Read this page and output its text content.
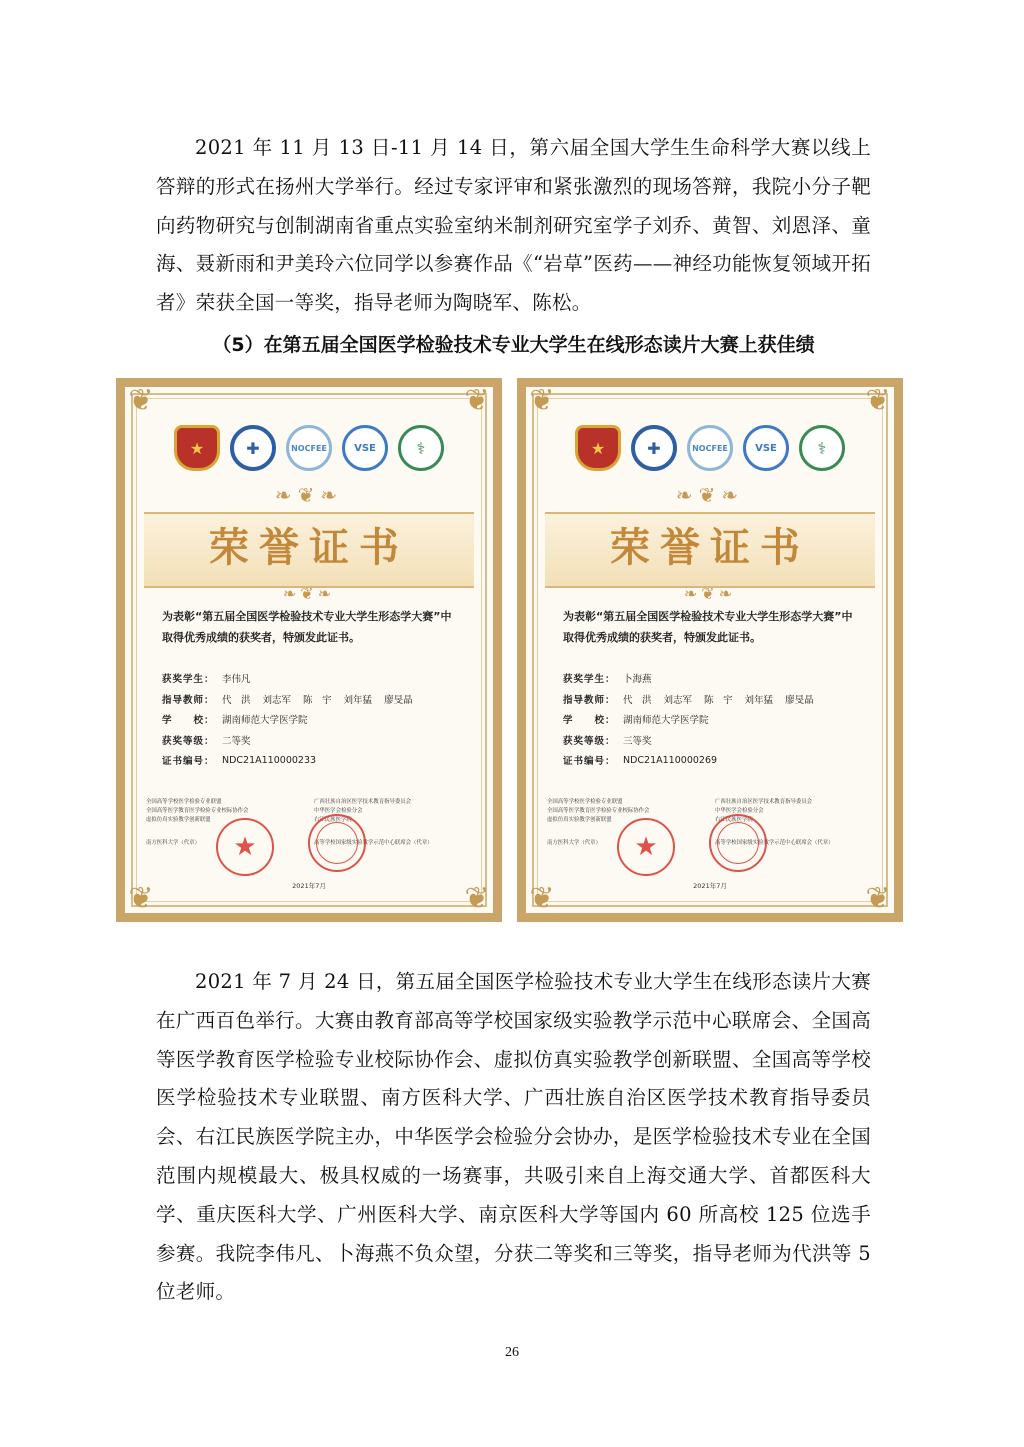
2021 年 11 月 13 日-11 月 14 日，第六届全国大学生生命科学大赛以线上答辩的形式在扬州大学举行。经过专家评审和紧张激烈的现场答辩，我院小分子靶向药物研究与创制湖南省重点实验室纳米制剂研究室学子刘乔、黄智、刘恩泽、童海、聂新雨和尹美玲六位同学以参赛作品《“岩草”医药——神经功能恢复领域开拓者》荣获全国一等奖，指导老师为陶晓军、陈松。

（5）在第五届全国医学检验技术专业大学生在线形态读片大赛上获佳绩

❦	❦
❦	❦
★	✚	NOCFEE	VSE	⚕
❧❦❧
荣誉证书
❧❦❧

为表彰“第五届全国医学检验技术专业大学生形态学大赛”中取得优秀成绩的获奖者，特颁发此证书。

获奖学生： 李伟凡
指导教师： 代　洪 刘志军 陈　宇 刘年猛 廖旻晶
学　　校： 湖南师范大学医学院
获奖等级： 二等奖
证书编号： NDC21A110000233
全国高等学校医学检验专业联盟
全国高等医学教育医学检验专业校际协作会
虚拟仿真实验教学创新联盟
南方医科大学（代章）
广西壮族自治区医学技术教育指导委员会
中华医学会检验分会
右江民族医学院
高等学校国家级实验教学示范中心联席会（代章）
★
2021年7月
❦	❦
❦	❦
★	✚	NOCFEE	VSE	⚕
❧❦❧
荣誉证书
❧❦❧

为表彰“第五届全国医学检验技术专业大学生形态学大赛”中取得优秀成绩的获奖者，特颁发此证书。

获奖学生： 卜海燕
指导教师： 代　洪 刘志军 陈　宇 刘年猛 廖旻晶
学　　校： 湖南师范大学医学院
获奖等级： 三等奖
证书编号： NDC21A110000269
全国高等学校医学检验专业联盟
全国高等医学教育医学检验专业校际协作会
虚拟仿真实验教学创新联盟
南方医科大学（代章）
广西壮族自治区医学技术教育指导委员会
中华医学会检验分会
右江民族医学院
高等学校国家级实验教学示范中心联席会（代章）
★
2021年7月

2021 年 7 月 24 日，第五届全国医学检验技术专业大学生在线形态读片大赛在广西百色举行。大赛由教育部高等学校国家级实验教学示范中心联席会、全国高等医学教育医学检验专业校际协作会、虚拟仿真实验教学创新联盟、全国高等学校医学检验技术专业联盟、南方医科大学、广西壮族自治区医学技术教育指导委员会、右江民族医学院主办，中华医学会检验分会协办，是医学检验技术专业在全国范围内规模最大、极具权威的一场赛事，共吸引来自上海交通大学、首都医科大学、重庆医科大学、广州医科大学、南京医科大学等国内 60 所高校 125 位选手参赛。我院李伟凡、卜海燕不负众望，分获二等奖和三等奖，指导老师为代洪等 5 位老师。

26
